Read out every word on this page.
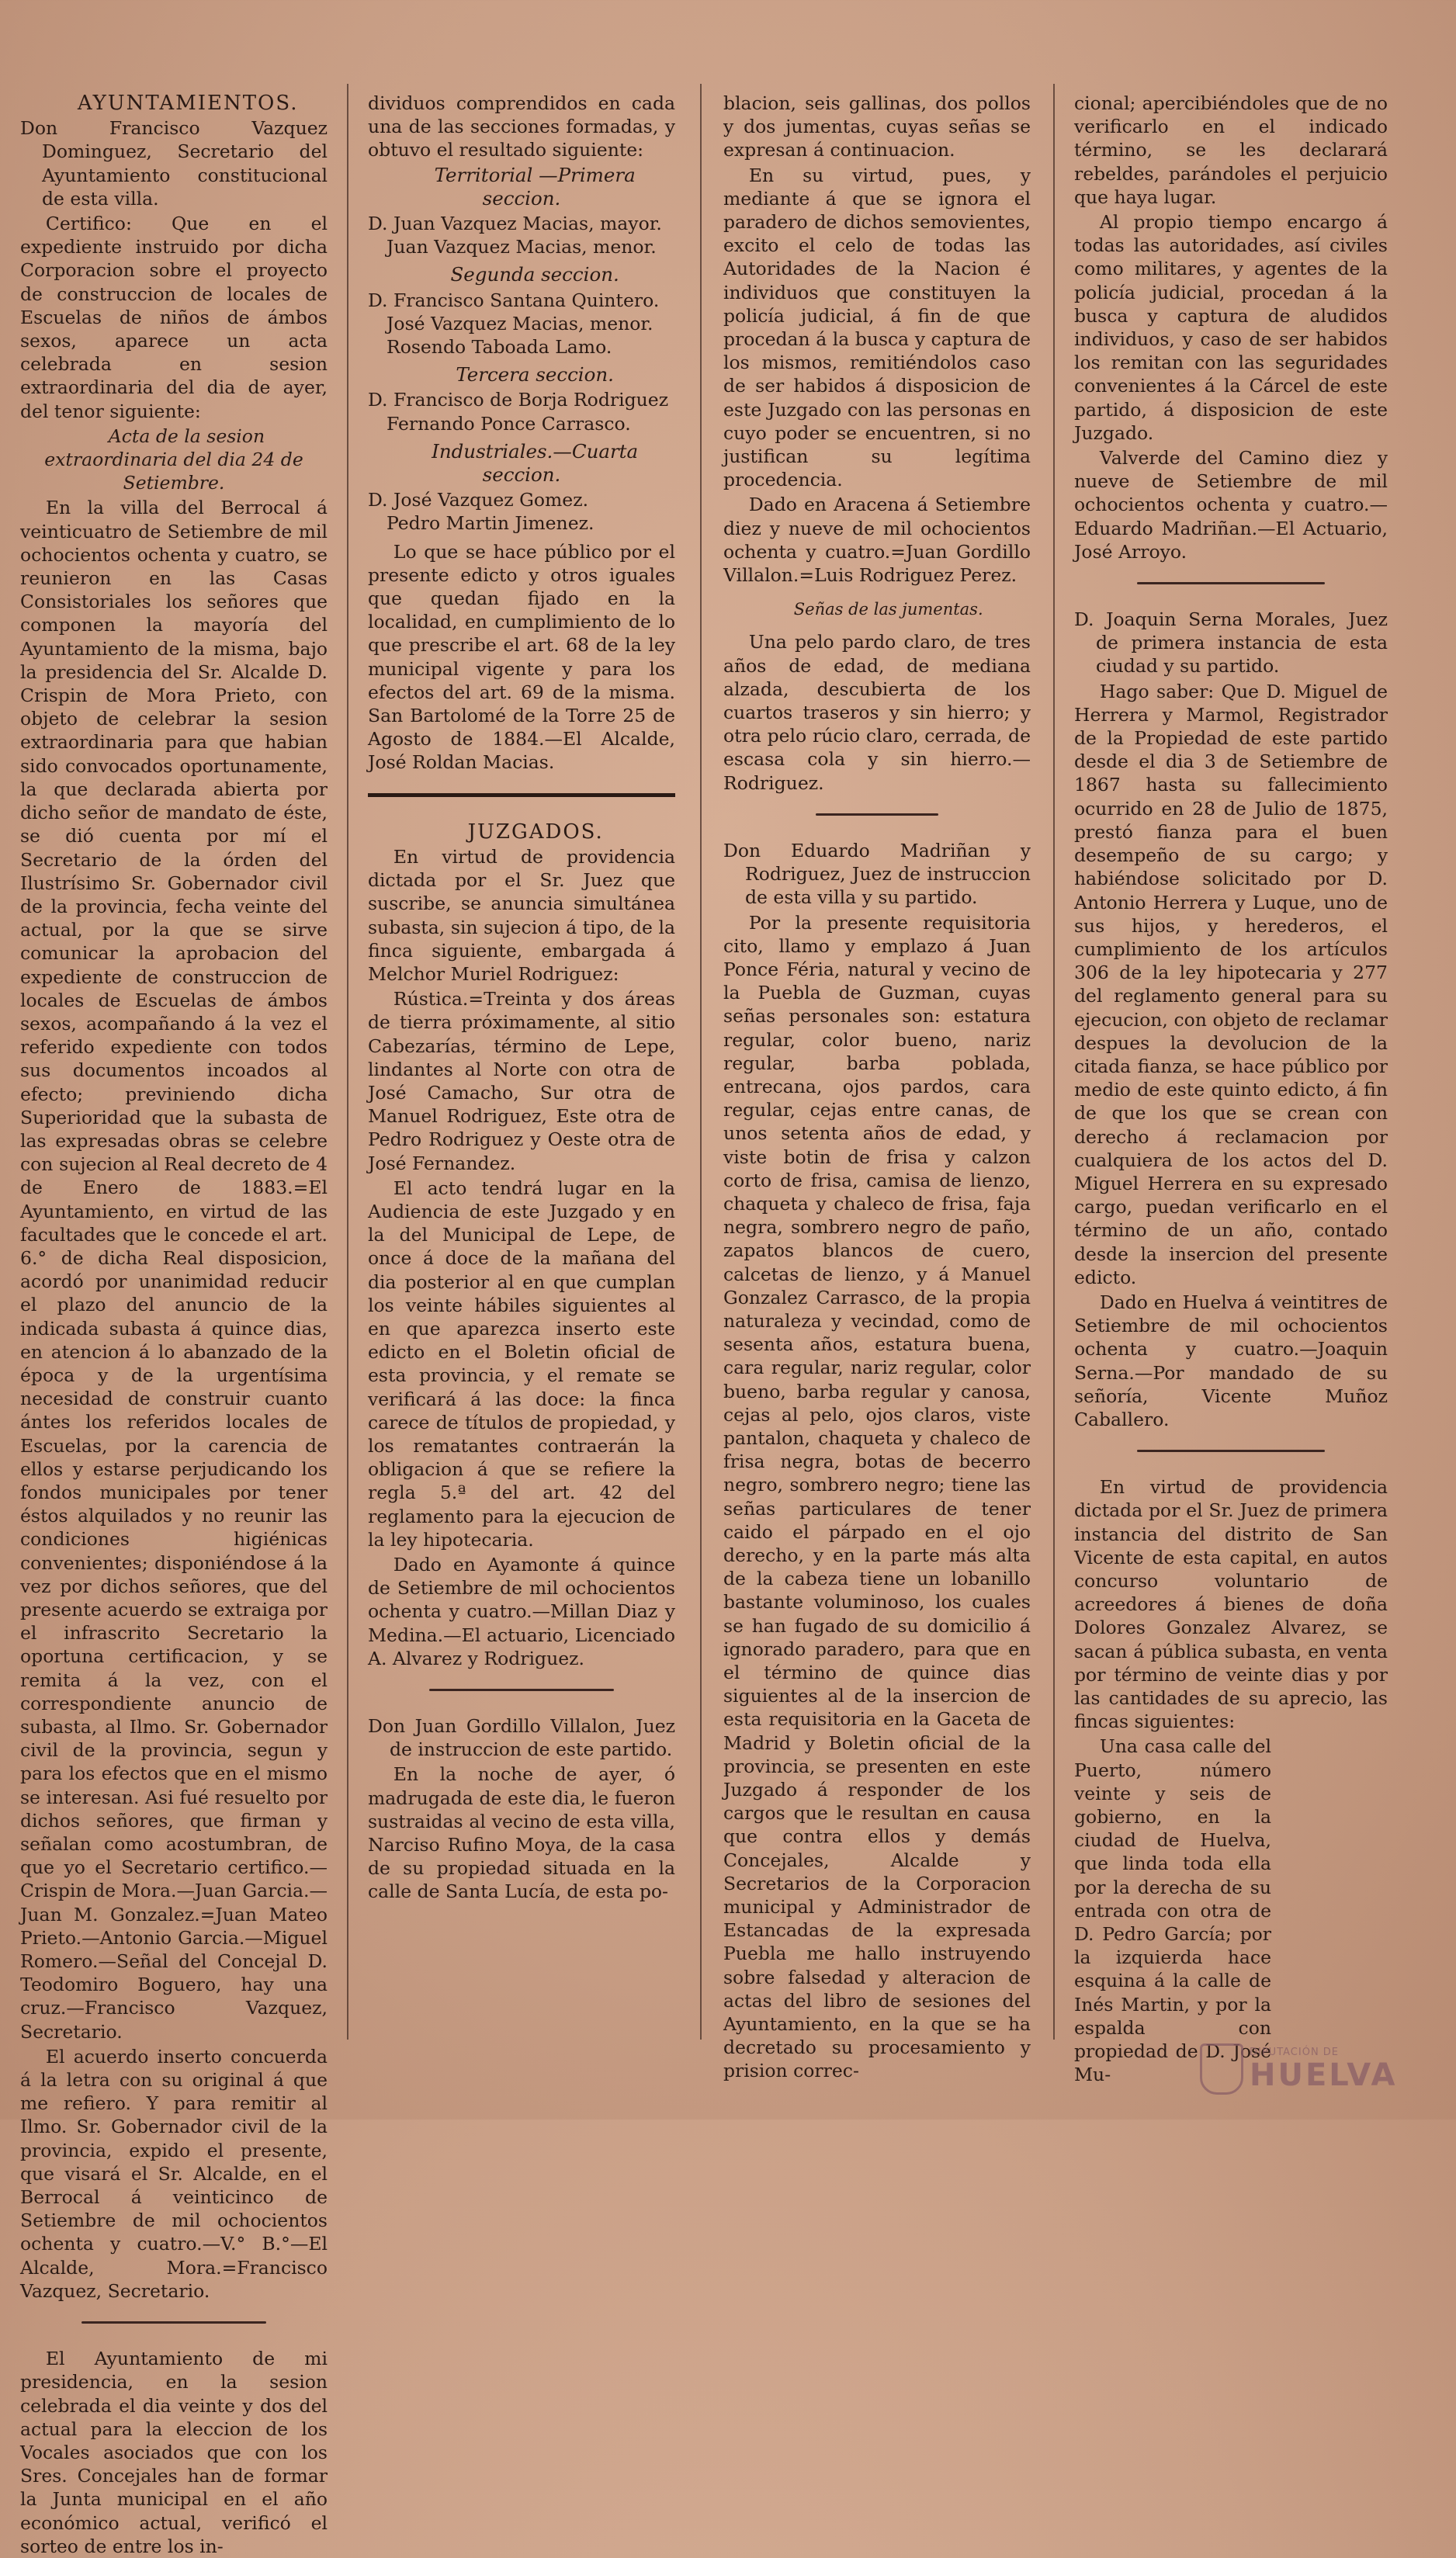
AYUNTAMIENTOS.

Don Francisco Vazquez Dominguez, Secretario del Ayuntamiento constitucional de esta villa.

Certifico: Que en el expediente instruido por dicha Corporacion sobre el proyecto de construccion de locales de Escuelas de niños de ámbos sexos, aparece un acta celebrada en sesion extraordinaria del dia de ayer, del tenor siguiente:

Acta de la sesion extraordinaria del dia 24 de Setiembre.

En la villa del Berrocal á veinticuatro de Setiembre de mil ochocientos ochenta y cuatro, se reunieron en las Casas Consistoriales los señores que componen la mayoría del Ayuntamiento de la misma, bajo la presidencia del Sr. Alcalde D. Crispin de Mora Prieto, con objeto de celebrar la sesion extraordinaria para que habian sido convocados oportunamente, la que declarada abierta por dicho señor de mandato de éste, se dió cuenta por mí el Secretario de la órden del Ilustrísimo Sr. Gobernador civil de la provincia, fecha veinte del actual, por la que se sirve comunicar la aprobacion del expediente de construccion de locales de Escuelas de ámbos sexos, acompañando á la vez el referido expediente con todos sus documentos incoados al efecto; previniendo dicha Superioridad que la subasta de las expresadas obras se celebre con sujecion al Real decreto de 4 de Enero de 1883.=El Ayuntamiento, en virtud de las facultades que le concede el art. 6.° de dicha Real disposicion, acordó por unanimidad reducir el plazo del anuncio de la indicada subasta á quince dias, en atencion á lo abanzado de la época y de la urgentísima necesidad de construir cuanto ántes los referidos locales de Escuelas, por la carencia de ellos y estarse perjudicando los fondos municipales por tener éstos alquilados y no reunir las condiciones higiénicas convenientes; disponiéndose á la vez por dichos señores, que del presente acuerdo se extraiga por el infrascrito Secretario la oportuna certificacion, y se remita á la vez, con el correspondiente anuncio de subasta, al Ilmo. Sr. Gobernador civil de la provincia, segun y para los efectos que en el mismo se interesan. Asi fué resuelto por dichos señores, que firman y señalan como acostumbran, de que yo el Secretario certifico.—Crispin de Mora.—Juan Garcia.—Juan M. Gonzalez.=Juan Mateo Prieto.—Antonio Garcia.—Miguel Romero.—Señal del Concejal D. Teodomiro Boguero, hay una cruz.—Francisco Vazquez, Secretario.

El acuerdo inserto concuerda á la letra con su original á que me refiero. Y para remitir al Ilmo. Sr. Gobernador civil de la provincia, expido el presente, que visará el Sr. Alcalde, en el Berrocal á veinticinco de Setiembre de mil ochocientos ochenta y cuatro.—V.° B.°—El Alcalde, Mora.=Francisco Vazquez, Secretario.

El Ayuntamiento de mi presidencia, en la sesion celebrada el dia veinte y dos del actual para la eleccion de los Vocales asociados que con los Sres. Concejales han de formar la Junta municipal en el año económico actual, verificó el sorteo de entre los in-

dividuos comprendidos en cada una de las secciones formadas, y obtuvo el resultado siguiente:

Territorial —Primera seccion.

D. Juan Vazquez Macias, mayor.
Juan Vazquez Macias, menor.

Segunda seccion.

D. Francisco Santana Quintero.
José Vazquez Macias, menor.
Rosendo Taboada Lamo.

Tercera seccion.

D. Francisco de Borja Rodriguez
Fernando Ponce Carrasco.

Industriales.—Cuarta seccion.

D. José Vazquez Gomez.
Pedro Martin Jimenez.

Lo que se hace público por el presente edicto y otros iguales que quedan fijado en la localidad, en cumplimiento de lo que prescribe el art. 68 de la ley municipal vigente y para los efectos del art. 69 de la misma. San Bartolomé de la Torre 25 de Agosto de 1884.—El Alcalde, José Roldan Macias.

JUZGADOS.

En virtud de providencia dictada por el Sr. Juez que suscribe, se anuncia simultánea subasta, sin sujecion á tipo, de la finca siguiente, embargada á Melchor Muriel Rodriguez:

Rústica.=Treinta y dos áreas de tierra próximamente, al sitio Cabezarías, término de Lepe, lindantes al Norte con otra de José Camacho, Sur otra de Manuel Rodriguez, Este otra de Pedro Rodriguez y Oeste otra de José Fernandez.

El acto tendrá lugar en la Audiencia de este Juzgado y en la del Municipal de Lepe, de once á doce de la mañana del dia posterior al en que cumplan los veinte hábiles siguientes al en que aparezca inserto este edicto en el Boletin oficial de esta provincia, y el remate se verificará á las doce: la finca carece de títulos de propiedad, y los rematantes contraerán la obligacion á que se refiere la regla 5.ª del art. 42 del reglamento para la ejecucion de la ley hipotecaria.

Dado en Ayamonte á quince de Setiembre de mil ochocientos ochenta y cuatro.—Millan Diaz y Medina.—El actuario, Licenciado A. Alvarez y Rodriguez.

Don Juan Gordillo Villalon, Juez de instruccion de este partido.

En la noche de ayer, ó madrugada de este dia, le fueron sustraidas al vecino de esta villa, Narciso Rufino Moya, de la casa de su propiedad situada en la calle de Santa Lucía, de esta po-

blacion, seis gallinas, dos pollos y dos jumentas, cuyas señas se expresan á continuacion.

En su virtud, pues, y mediante á que se ignora el paradero de dichos semovientes, excito el celo de todas las Autoridades de la Nacion é individuos que constituyen la policía judicial, á fin de que procedan á la busca y captura de los mismos, remitiéndolos caso de ser habidos á disposicion de este Juzgado con las personas en cuyo poder se encuentren, si no justifican su legítima procedencia.

Dado en Aracena á Setiembre diez y nueve de mil ochocientos ochenta y cuatro.=Juan Gordillo Villalon.=Luis Rodriguez Perez.

Señas de las jumentas.

Una pelo pardo claro, de tres años de edad, de mediana alzada, descubierta de los cuartos traseros y sin hierro; y otra pelo rúcio claro, cerrada, de escasa cola y sin hierro.—Rodriguez.

Don Eduardo Madriñan y Rodriguez, Juez de instruccion de esta villa y su partido.

Por la presente requisitoria cito, llamo y emplazo á Juan Ponce Féria, natural y vecino de la Puebla de Guzman, cuyas señas personales son: estatura regular, color bueno, nariz regular, barba poblada, entrecana, ojos pardos, cara regular, cejas entre canas, de unos setenta años de edad, y viste botin de frisa y calzon corto de frisa, camisa de lienzo, chaqueta y chaleco de frisa, faja negra, sombrero negro de paño, zapatos blancos de cuero, calcetas de lienzo, y á Manuel Gonzalez Carrasco, de la propia naturaleza y vecindad, como de sesenta años, estatura buena, cara regular, nariz regular, color bueno, barba regular y canosa, cejas al pelo, ojos claros, viste pantalon, chaqueta y chaleco de frisa negra, botas de becerro negro, sombrero negro; tiene las señas particulares de tener caido el párpado en el ojo derecho, y en la parte más alta de la cabeza tiene un lobanillo bastante voluminoso, los cuales se han fugado de su domicilio á ignorado paradero, para que en el término de quince dias siguientes al de la insercion de esta requisitoria en la Gaceta de Madrid y Boletin oficial de la provincia, se presenten en este Juzgado á responder de los cargos que le resultan en causa que contra ellos y demás Concejales, Alcalde y Secretarios de la Corporacion municipal y Administrador de Estancadas de la expresada Puebla me hallo instruyendo sobre falsedad y alteracion de actas del libro de sesiones del Ayuntamiento, en la que se ha decretado su procesamiento y prision correc-

cional; apercibiéndoles que de no verificarlo en el indicado término, se les declarará rebeldes, parándoles el perjuicio que haya lugar.

Al propio tiempo encargo á todas las autoridades, así civiles como militares, y agentes de la policía judicial, procedan á la busca y captura de aludidos individuos, y caso de ser habidos los remitan con las seguridades convenientes á la Cárcel de este partido, á disposicion de este Juzgado.

Valverde del Camino diez y nueve de Setiembre de mil ochocientos ochenta y cuatro.—Eduardo Madriñan.—El Actuario, José Arroyo.

D. Joaquin Serna Morales, Juez de primera instancia de esta ciudad y su partido.

Hago saber: Que D. Miguel de Herrera y Marmol, Registrador de la Propiedad de este partido desde el dia 3 de Setiembre de 1867 hasta su fallecimiento ocurrido en 28 de Julio de 1875, prestó fianza para el buen desempeño de su cargo; y habiéndose solicitado por D. Antonio Herrera y Luque, uno de sus hijos, y herederos, el cumplimiento de los artículos 306 de la ley hipotecaria y 277 del reglamento general para su ejecucion, con objeto de reclamar despues la devolucion de la citada fianza, se hace público por medio de este quinto edicto, á fin de que los que se crean con derecho á reclamacion por cualquiera de los actos del D. Miguel Herrera en su expresado cargo, puedan verificarlo en el término de un año, contado desde la insercion del presente edicto.

Dado en Huelva á veintitres de Setiembre de mil ochocientos ochenta y cuatro.—Joaquin Serna.—Por mandado de su señoría, Vicente Muñoz Caballero.

En virtud de providencia dictada por el Sr. Juez de primera instancia del distrito de San Vicente de esta capital, en autos concurso voluntario de acreedores á bienes de doña Dolores Gonzalez Alvarez, se sacan á pública subasta, en venta por término de veinte dias y por las cantidades de su aprecio, las fincas siguientes:

Una casa calle del Puerto, número veinte y seis de gobierno, en la ciudad de Huelva, que linda toda ella por la derecha de su entrada con otra de D. Pedro García; por la izquierda hace esquina á la calle de Inés Martin, y por la espalda con propiedad de D. José Mu-

DIPUTACIÓN DE
HUELVA
